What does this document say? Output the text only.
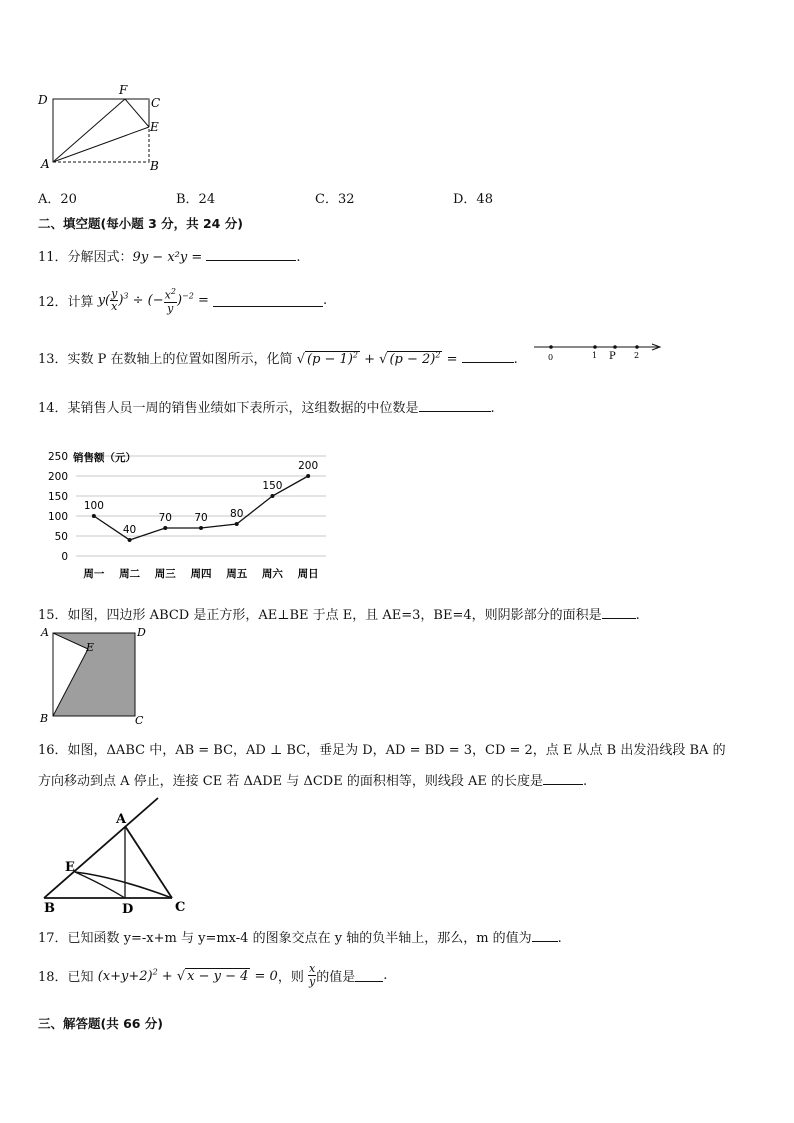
D
F
C
E
A	B
A．20	B．24	C．32	D．48
二、填空题(每小题 3 分，共 24 分)
11．分解因式：9y − x²y =	.
12．计算 $y( \frac{y}{x} )^3$ ÷ (− $\frac{x^2}{y} )^{-2}$ =	.
13．实数 P 在数轴上的位置如图所示，化简 √ $(p - 1)^2$ + √ $(p - 2)^2$ =	.	0	1 P 2
14．某销售人员一周的销售业绩如下表所示，这组数据的中位数是	.
0
50
100
150
200
250
周一 周二 周三 周四 周五 周六 周日
100
40
70 70 80
150
200
销售额（元）
15．如图，四边形 ABCD 是正方形，AE⊥BE 于点 E，且 AE=3，BE=4，则阴影部分的面积是	.
A	D
E
B	C
16．如图，ΔABC 中，AB = BC，AD ⊥ BC，垂足为 D，AD = BD = 3，CD = 2，点 E 从点 B 出发沿线段 BA 的
方向移动到点 A 停止，连接 CE 若 ΔADE 与 ΔCDE 的面积相等，则线段 AE 的长度是	.
A
E
B	D	C
17．已知函数 y=-x+m 与 y=mx-4 的图象交点在 y 轴的负半轴上，那么，m 的值为 .
18．已知 $(x+y+2)^2$ + √ x − y − 4 = 0，则 $\frac{x}{y}$ 的值是 .
三、解答题(共 66 分)
